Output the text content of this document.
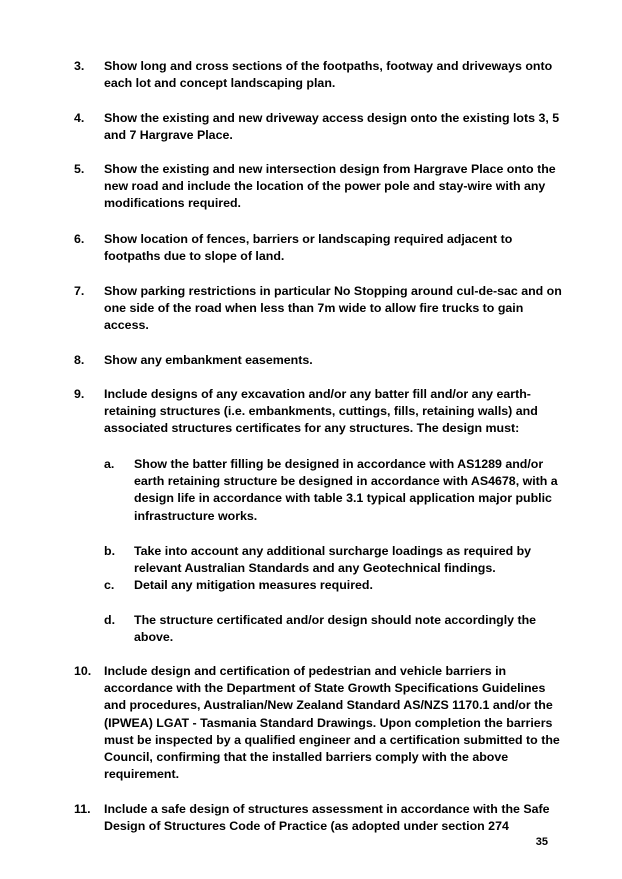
3. Show long and cross sections of the footpaths, footway and driveways onto each lot and concept landscaping plan.
4. Show the existing and new driveway access design onto the existing lots 3, 5 and 7 Hargrave Place.
5. Show the existing and new intersection design from Hargrave Place onto the new road and include the location of the power pole and stay-wire with any modifications required.
6. Show location of fences, barriers or landscaping required adjacent to footpaths due to slope of land.
7. Show parking restrictions in particular No Stopping around cul-de-sac and on one side of the road when less than 7m wide to allow fire trucks to gain access.
8. Show any embankment easements.
9. Include designs of any excavation and/or any batter fill and/or any earth-retaining structures (i.e. embankments, cuttings, fills, retaining walls) and associated structures certificates for any structures. The design must:
a. Show the batter filling be designed in accordance with AS1289 and/or earth retaining structure be designed in accordance with AS4678, with a design life in accordance with table 3.1 typical application major public infrastructure works.
b. Take into account any additional surcharge loadings as required by relevant Australian Standards and any Geotechnical findings.
c. Detail any mitigation measures required.
d. The structure certificated and/or design should note accordingly the above.
10. Include design and certification of pedestrian and vehicle barriers in accordance with the Department of State Growth Specifications Guidelines and procedures, Australian/New Zealand Standard AS/NZS 1170.1 and/or the (IPWEA) LGAT - Tasmania Standard Drawings. Upon completion the barriers must be inspected by a qualified engineer and a certification submitted to the Council, confirming that the installed barriers comply with the above requirement.
11. Include a safe design of structures assessment in accordance with the Safe Design of Structures Code of Practice (as adopted under section 274
35
